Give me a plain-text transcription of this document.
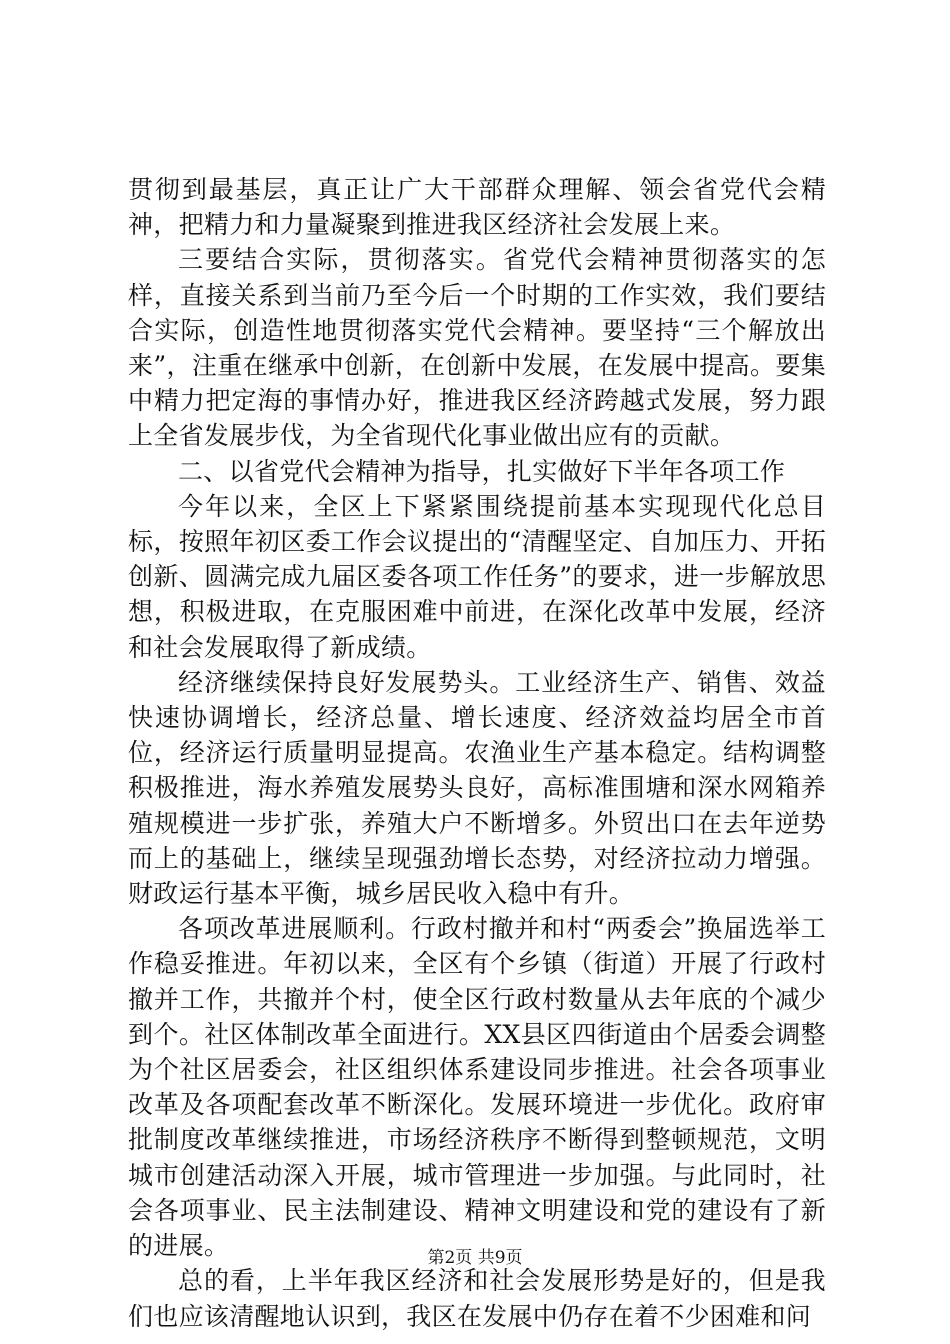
贯彻到最基层，真正让广大干部群众理解、领会省党代会精神，把精力和力量凝聚到推进我区经济社会发展上来。

三要结合实际，贯彻落实。省党代会精神贯彻落实的怎样，直接关系到当前乃至今后一个时期的工作实效，我们要结合实际，创造性地贯彻落实党代会精神。要坚持“三个解放出来”，注重在继承中创新，在创新中发展，在发展中提高。要集中精力把定海的事情办好，推进我区经济跨越式发展，努力跟上全省发展步伐，为全省现代化事业做出应有的贡献。

二、以省党代会精神为指导，扎实做好下半年各项工作

今年以来，全区上下紧紧围绕提前基本实现现代化总目标，按照年初区委工作会议提出的“清醒坚定、自加压力、开拓创新、圆满完成九届区委各项工作任务”的要求，进一步解放思想，积极进取，在克服困难中前进，在深化改革中发展，经济和社会发展取得了新成绩。

经济继续保持良好发展势头。工业经济生产、销售、效益快速协调增长，经济总量、增长速度、经济效益均居全市首位，经济运行质量明显提高。农渔业生产基本稳定。结构调整积极推进，海水养殖发展势头良好，高标准围塘和深水网箱养殖规模进一步扩张，养殖大户不断增多。外贸出口在去年逆势而上的基础上，继续呈现强劲增长态势，对经济拉动力增强。财政运行基本平衡，城乡居民收入稳中有升。

各项改革进展顺利。行政村撤并和村“两委会”换届选举工作稳妥推进。年初以来，全区有个乡镇（街道）开展了行政村撤并工作，共撤并个村，使全区行政村数量从去年底的个减少到个。社区体制改革全面进行。XX县区四街道由个居委会调整为个社区居委会，社区组织体系建设同步推进。社会各项事业改革及各项配套改革不断深化。发展环境进一步优化。政府审批制度改革继续推进，市场经济秩序不断得到整顿规范，文明城市创建活动深入开展，城市管理进一步加强。与此同时，社会各项事业、民主法制建设、精神文明建设和党的建设有了新的进展。

总的看，上半年我区经济和社会发展形势是好的，但是我们也应该清醒地认识到，我区在发展中仍存在着不少困难和问

第2页 共9页
